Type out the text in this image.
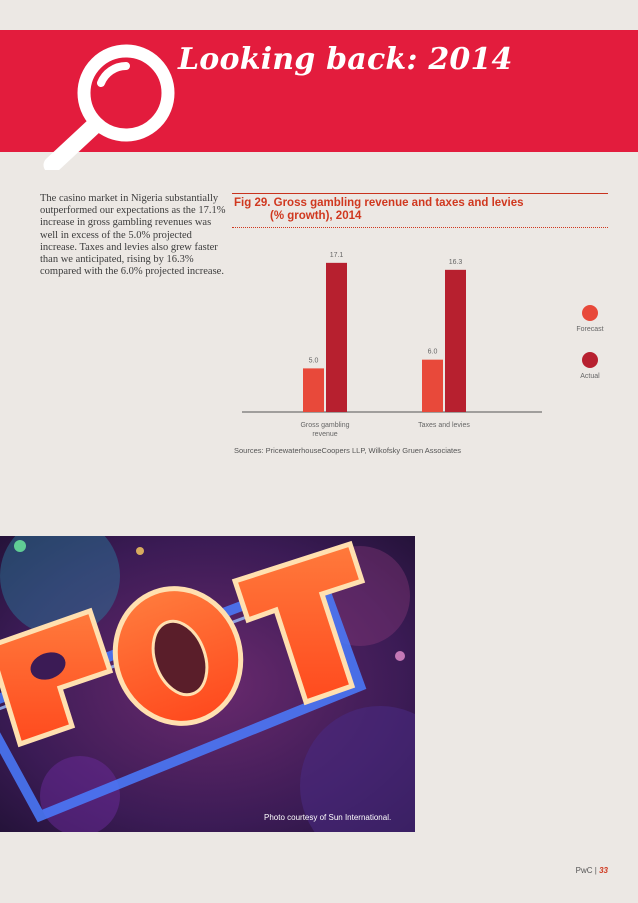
Looking back: 2014
The casino market in Nigeria substantially outperformed our expectations as the 17.1% increase in gross gambling revenues was well in excess of the 5.0% projected increase. Taxes and levies also grew faster than we anticipated, rising by 16.3% compared with the 6.0% projected increase.
Fig 29. Gross gambling revenue and taxes and levies
(% growth), 2014
5.0
17.1
Gross gambling
revenue
6.0
16.3
Taxes and levies
Forecast
Actual
Sources: PricewaterhouseCoopers LLP, Wilkofsky Gruen Associates
Photo courtesy of Sun International.
PwC | 33
